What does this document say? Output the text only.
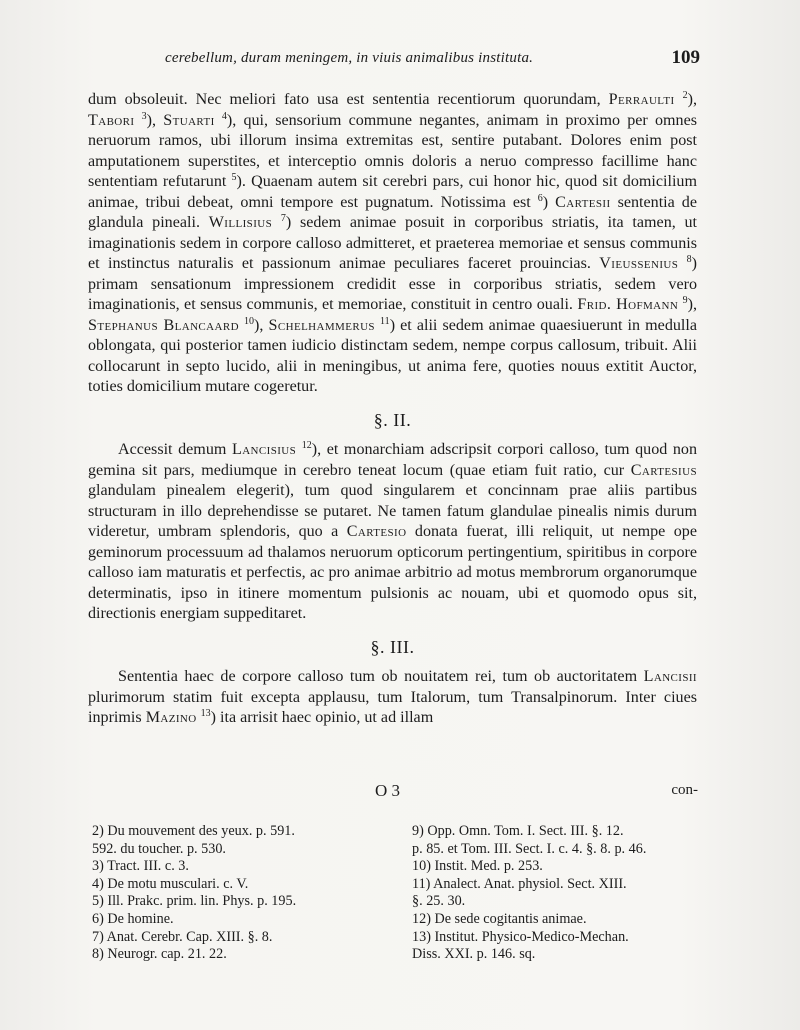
cerebellum, duram meningem, in viuis animalibus instituta.	109

dum obsoleuit. Nec meliori fato usa est sententia recentiorum quorundam, Perraulti $^2$), Tabori $^3$), Stuarti $^4$), qui, sensorium commune negantes, animam in proximo per omnes neruorum ramos, ubi illorum insima extremitas est, sentire putabant. Dolores enim post amputationem superstites, et interceptio omnis doloris a neruo compresso facillime hanc sententiam refutarunt $^5$). Quaenam autem sit cerebri pars, cui honor hic, quod sit domicilium animae, tribui debeat, omni tempore est pugnatum. Notissima est $^6$) Cartesii sententia de glandula pineali. Willisius $^7$) sedem animae posuit in corporibus striatis, ita tamen, ut imaginationis sedem in corpore calloso admitteret, et praeterea memoriae et sensus communis et instinctus naturalis et passionum animae peculiares faceret prouincias. Vieussenius $^8$) primam sensationum impressionem credidit esse in corporibus striatis, sedem vero imaginationis, et sensus communis, et memoriae, constituit in centro ouali. Frid. Hofmann $^9$), Stephanus Blancaard $^{10}$), Schelhammerus $^{11}$) et alii sedem animae quaesiuerunt in medulla oblongata, qui posterior tamen iudicio distinctam sedem, nempe corpus callosum, tribuit. Alii collocarunt in septo lucido, alii in meningibus, ut anima fere, quoties nouus extitit Auctor, toties domicilium mutare cogeretur.

§. II.

Accessit demum Lancisius $^{12}$), et monarchiam adscripsit corpori calloso, tum quod non gemina sit pars, mediumque in cerebro teneat locum (quae etiam fuit ratio, cur Cartesius glandulam pinealem elegerit), tum quod singularem et concinnam prae aliis partibus structuram in illo deprehendisse se putaret. Ne tamen fatum glandulae pinealis nimis durum videretur, umbram splendoris, quo a Cartesio donata fuerat, illi reliquit, ut nempe ope geminorum processuum ad thalamos neruorum opticorum pertingentium, spiritibus in corpore calloso iam maturatis et perfectis, ac pro animae arbitrio ad motus membrorum organorumque determinatis, ipso in itinere momentum pulsionis ac nouam, ubi et quomodo opus sit, directionis energiam suppeditaret.

§. III.

Sententia haec de corpore calloso tum ob nouitatem rei, tum ob auctoritatem Lancisii plurimorum statim fuit excepta applausu, tum Italorum, tum Transalpinorum. Inter ciues inprimis Mazino $^{13}$) ita arrisit haec opinio, ut ad illam

O 3	con-
2) Du mouvement des yeux. p. 591.
592. du toucher. p. 530.
3) Tract. III. c. 3.
4) De motu musculari. c. V.
5) Ill. Prakc. prim. lin. Phys. p. 195.
6) De homine.
7) Anat. Cerebr. Cap. XIII. §. 8.
8) Neurogr. cap. 21. 22.
9) Opp. Omn. Tom. I. Sect. III. §. 12.
p. 85. et Tom. III. Sect. I. c. 4. §. 8. p. 46.
10) Instit. Med. p. 253.
11) Analect. Anat. physiol. Sect. XIII.
§. 25. 30.
12) De sede cogitantis animae.
13) Institut. Physico-Medico-Mechan.
Diss. XXI. p. 146. sq.
